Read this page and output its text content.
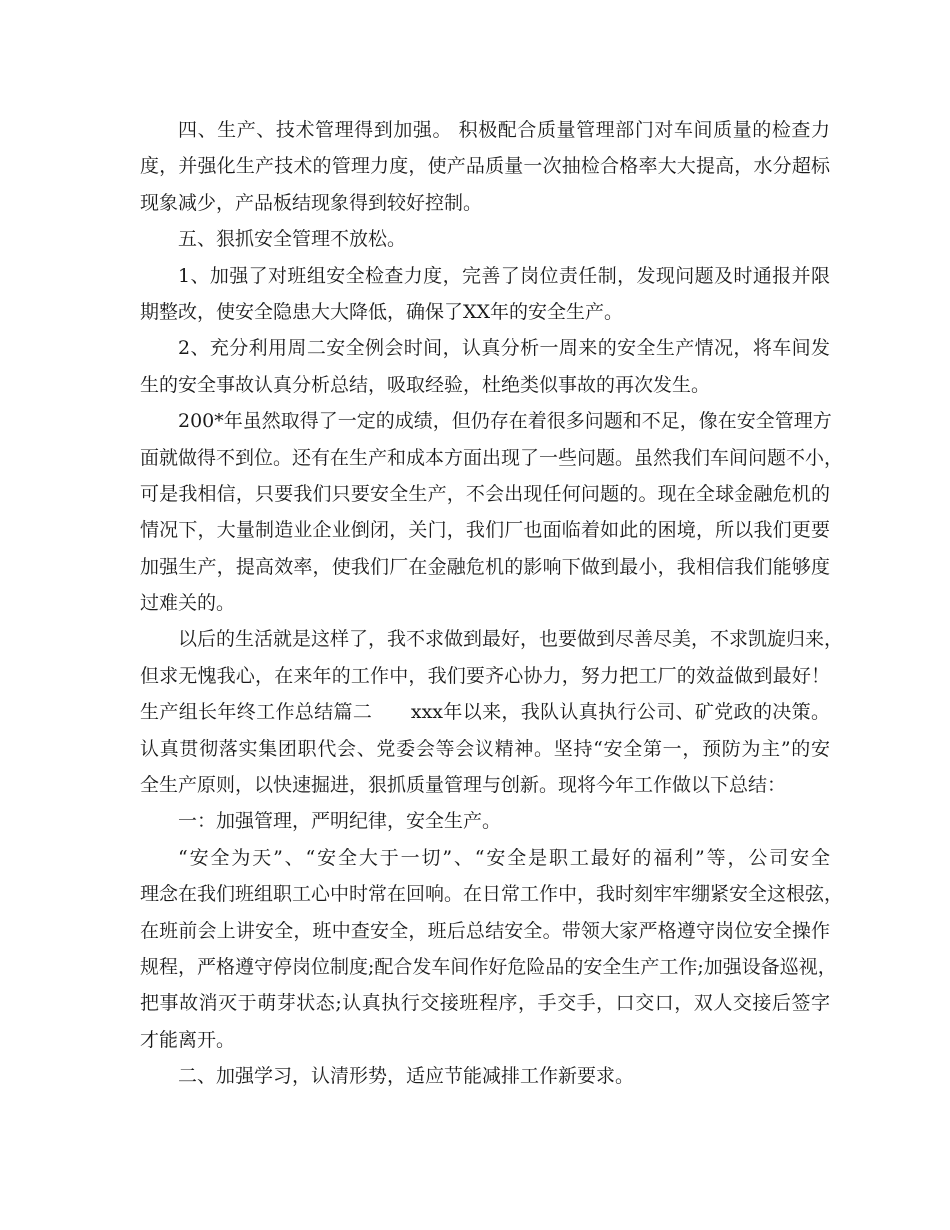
四、生产、技术管理得到加强。 积极配合质量管理部门对车间质量的检查力
度，并强化生产技术的管理力度，使产品质量一次抽检合格率大大提高，水分超标
现象减少，产品板结现象得到较好控制。
五、狠抓安全管理不放松。
1、加强了对班组安全检查力度，完善了岗位责任制，发现问题及时通报并限
期整改，使安全隐患大大降低，确保了XX年的安全生产。
2、充分利用周二安全例会时间，认真分析一周来的安全生产情况，将车间发
生的安全事故认真分析总结，吸取经验，杜绝类似事故的再次发生。
200*年虽然取得了一定的成绩，但仍存在着很多问题和不足，像在安全管理方
面就做得不到位。还有在生产和成本方面出现了一些问题。虽然我们车间问题不小，
可是我相信，只要我们只要安全生产，不会出现任何问题的。现在全球金融危机的
情况下，大量制造业企业倒闭，关门，我们厂也面临着如此的困境，所以我们更要
加强生产，提高效率，使我们厂在金融危机的影响下做到最小，我相信我们能够度
过难关的。
以后的生活就是这样了，我不求做到最好，也要做到尽善尽美，不求凯旋归来，
但求无愧我心，在来年的工作中，我们要齐心协力，努力把工厂的效益做到最好！
生产组长年终工作总结篇二　　xxx年以来，我队认真执行公司、矿党政的决策。
认真贯彻落实集团职代会、党委会等会议精神。坚持“安全第一，预防为主”的安
全生产原则，以快速掘进，狠抓质量管理与创新。现将今年工作做以下总结：
一：加强管理，严明纪律，安全生产。
“安全为天”、“安全大于一切”、“安全是职工最好的福利”等，公司安全
理念在我们班组职工心中时常在回响。在日常工作中，我时刻牢牢绷紧安全这根弦，
在班前会上讲安全，班中查安全，班后总结安全。带领大家严格遵守岗位安全操作
规程，严格遵守停岗位制度;配合发车间作好危险品的安全生产工作;加强设备巡视，
把事故消灭于萌芽状态;认真执行交接班程序，手交手，口交口，双人交接后签字
才能离开。
二、加强学习，认清形势，适应节能减排工作新要求。
